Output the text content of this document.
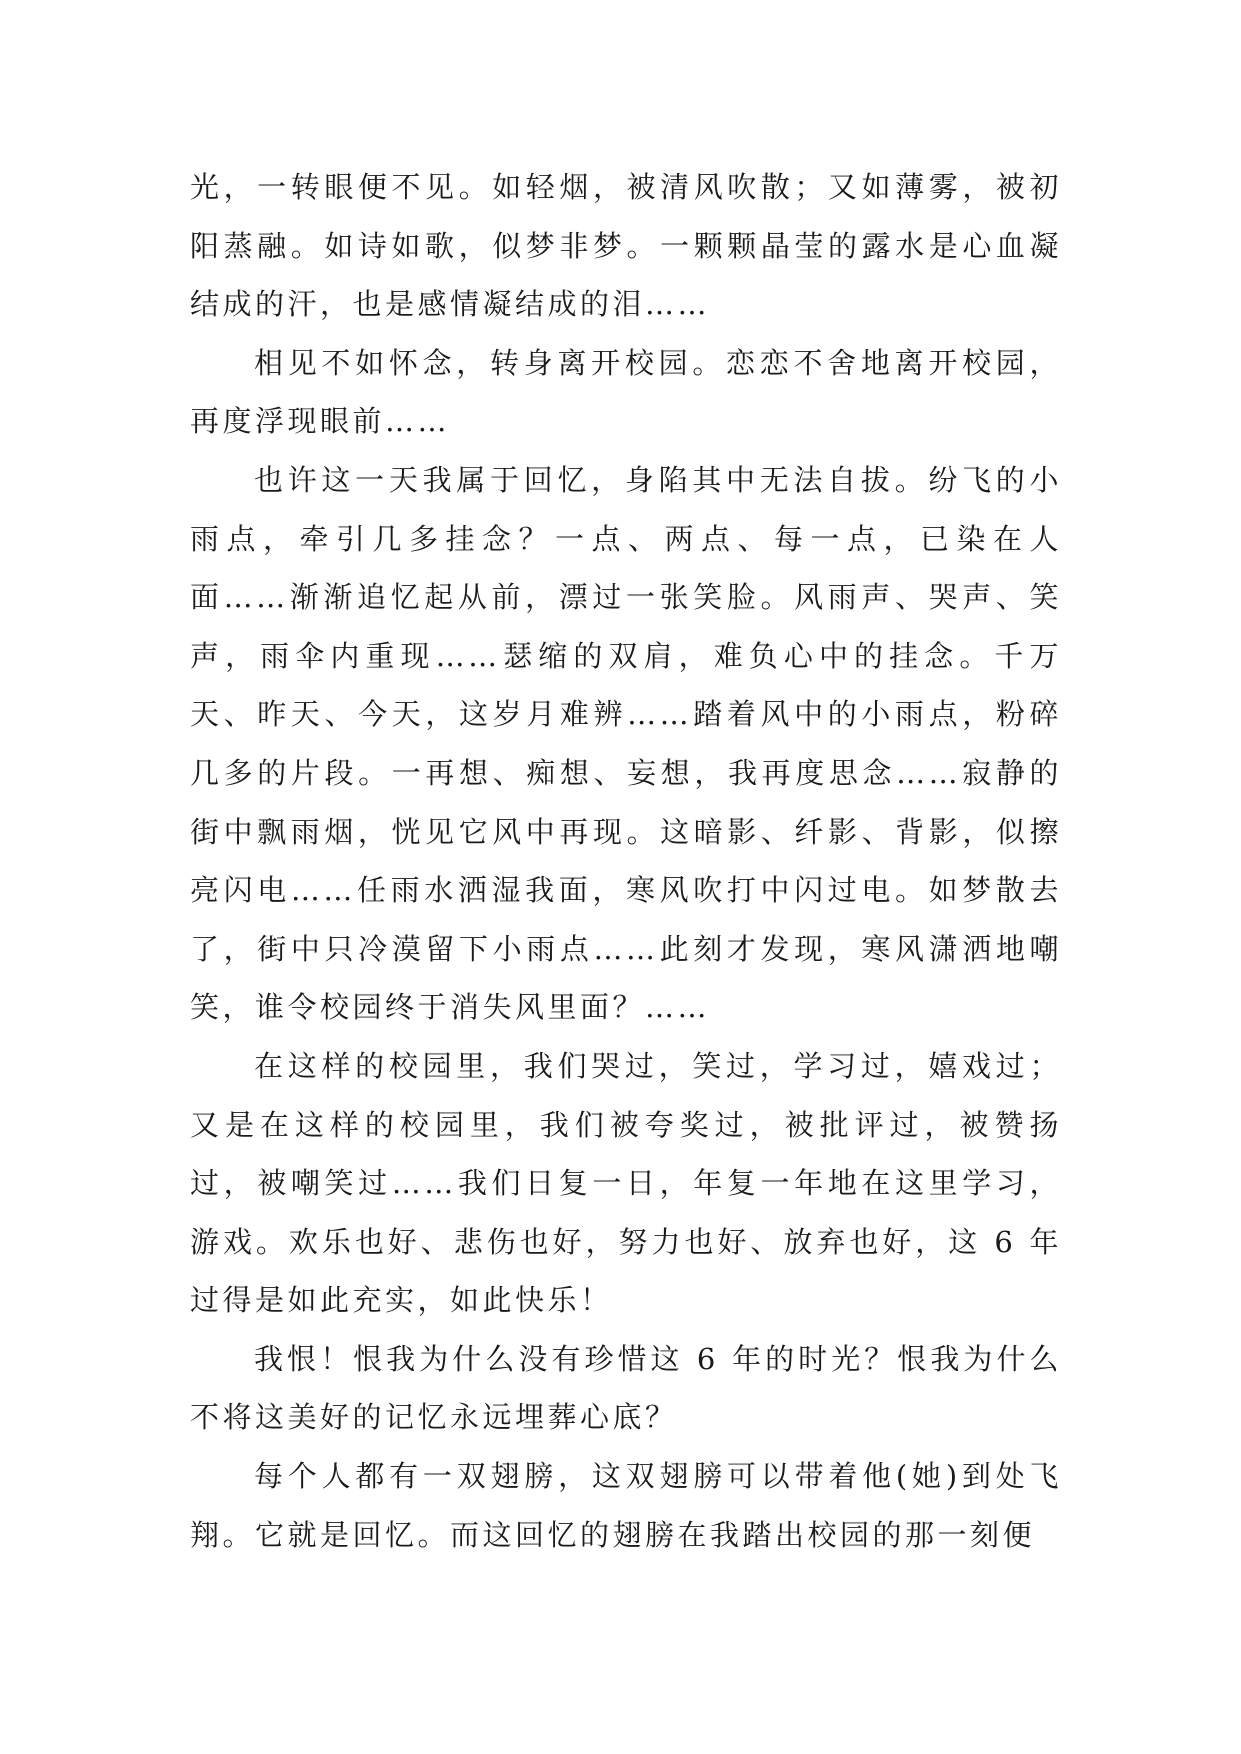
光，一转眼便不见。如轻烟，被清风吹散；又如薄雾，被初阳蒸融。如诗如歌，似梦非梦。一颗颗晶莹的露水是心血凝结成的汗，也是感情凝结成的泪……

相见不如怀念，转身离开校园。恋恋不舍地离开校园，再度浮现眼前……

也许这一天我属于回忆，身陷其中无法自拔。纷飞的小雨点，牵引几多挂念？一点、两点、每一点，已染在人面……渐渐追忆起从前，漂过一张笑脸。风雨声、哭声、笑声，雨伞内重现……瑟缩的双肩，难负心中的挂念。千万天、昨天、今天，这岁月难辨……踏着风中的小雨点，粉碎几多的片段。一再想、痴想、妄想，我再度思念……寂静的街中飘雨烟，恍见它风中再现。这暗影、纤影、背影，似擦亮闪电……任雨水洒湿我面，寒风吹打中闪过电。如梦散去了，街中只冷漠留下小雨点……此刻才发现，寒风潇洒地嘲笑，谁令校园终于消失风里面？……

在这样的校园里，我们哭过，笑过，学习过，嬉戏过；又是在这样的校园里，我们被夸奖过，被批评过，被赞扬过，被嘲笑过……我们日复一日，年复一年地在这里学习，游戏。欢乐也好、悲伤也好，努力也好、放弃也好，这 6 年过得是如此充实，如此快乐！

我恨！恨我为什么没有珍惜这 6 年的时光？恨我为什么不将这美好的记忆永远埋葬心底？

每个人都有一双翅膀，这双翅膀可以带着他(她)到处飞翔。它就是回忆。而这回忆的翅膀在我踏出校园的那一刻便
